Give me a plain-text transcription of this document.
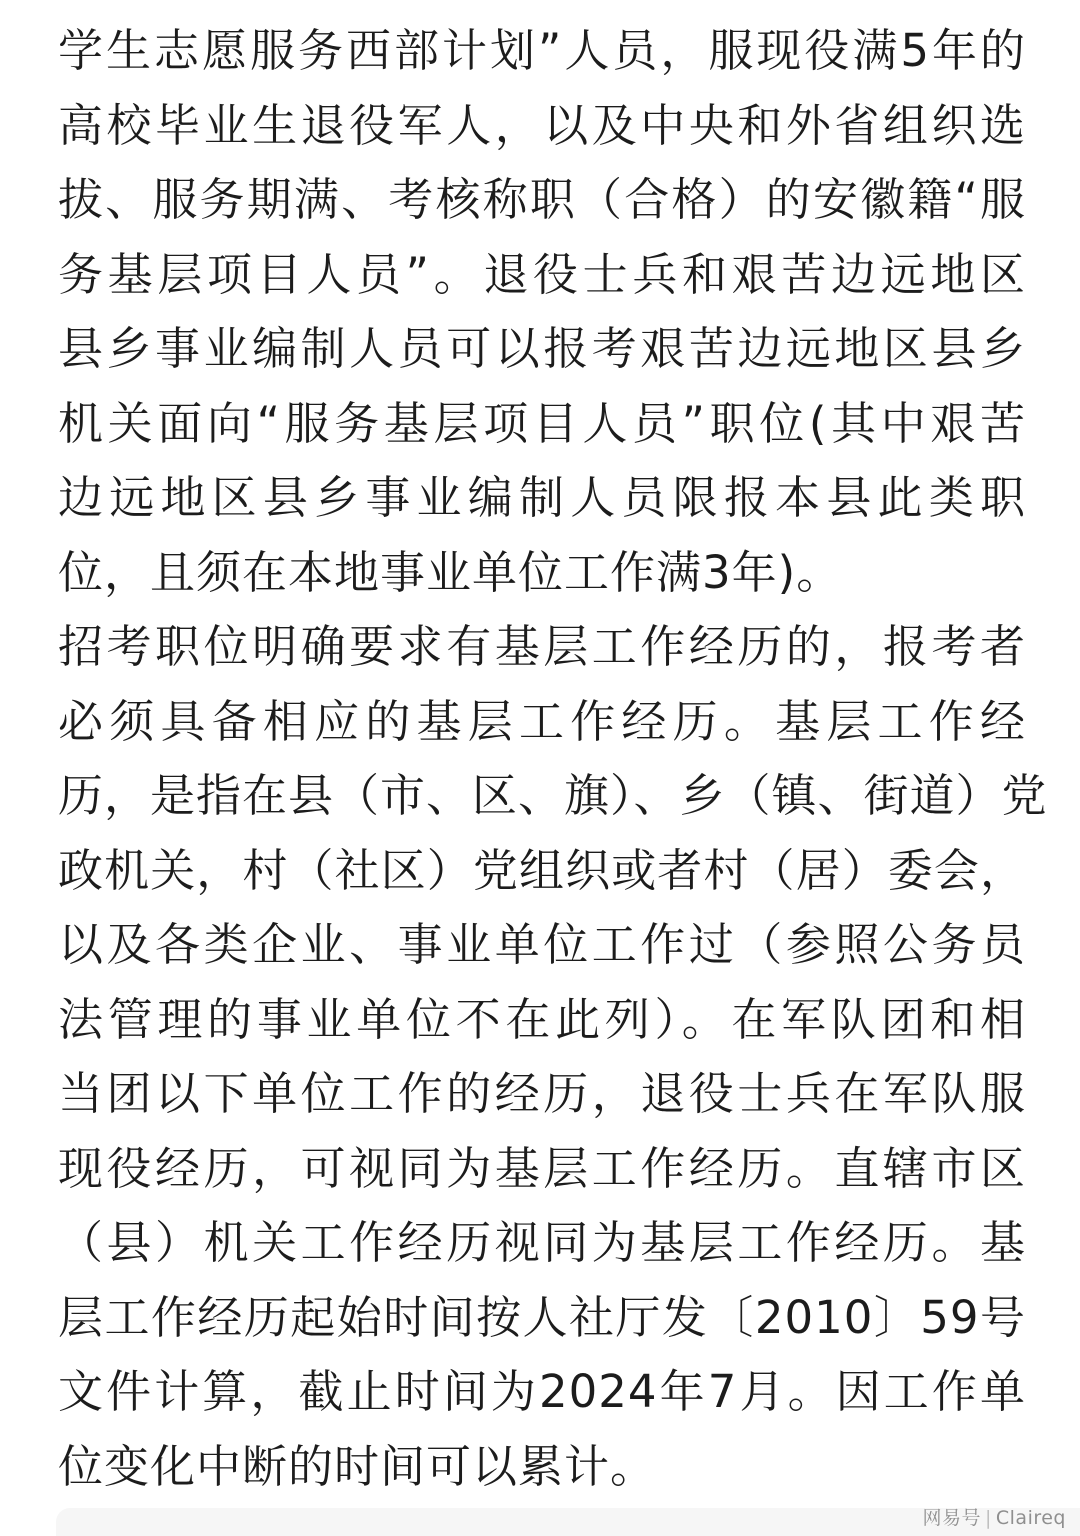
学生志愿服务西部计划”人员，服现役满5年的
高校毕业生退役军人，以及中央和外省组织选
拔、服务期满、考核称职（合格）的安徽籍“服
务基层项目人员”。退役士兵和艰苦边远地区
县乡事业编制人员可以报考艰苦边远地区县乡
机关面向“服务基层项目人员”职位(其中艰苦
边远地区县乡事业编制人员限报本县此类职
位，且须在本地事业单位工作满3年)。

招考职位明确要求有基层工作经历的，报考者
必须具备相应的基层工作经历。基层工作经
历，是指在县（市、区、旗）、乡（镇、街道）党
政机关，村（社区）党组织或者村（居）委会，
以及各类企业、事业单位工作过（参照公务员
法管理的事业单位不在此列）。在军队团和相
当团以下单位工作的经历，退役士兵在军队服
现役经历，可视同为基层工作经历。直辖市区
（县）机关工作经历视同为基层工作经历。基
层工作经历起始时间按人社厅发〔2010〕59号
文件计算，截止时间为2024年7月。因工作单
位变化中断的时间可以累计。

网易号 | Claireq
